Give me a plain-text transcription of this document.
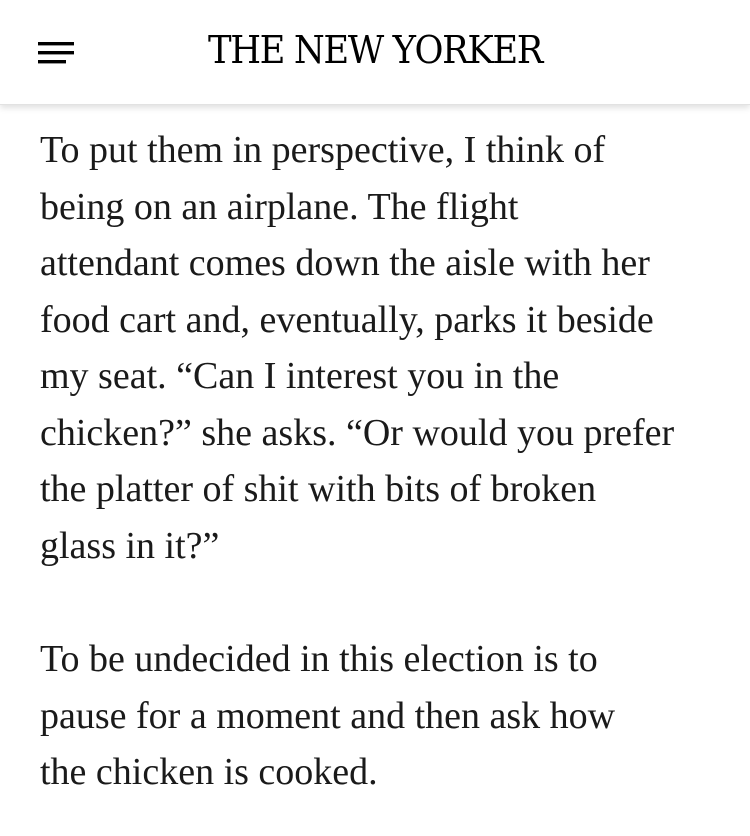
THE NEW YORKER

To put them in perspective, I think of
being on an airplane. The flight
attendant comes down the aisle with her
food cart and, eventually, parks it beside
my seat. “Can I interest you in the
chicken?” she asks. “Or would you prefer
the platter of shit with bits of broken
glass in it?”

To be undecided in this election is to
pause for a moment and then ask how
the chicken is cooked.
